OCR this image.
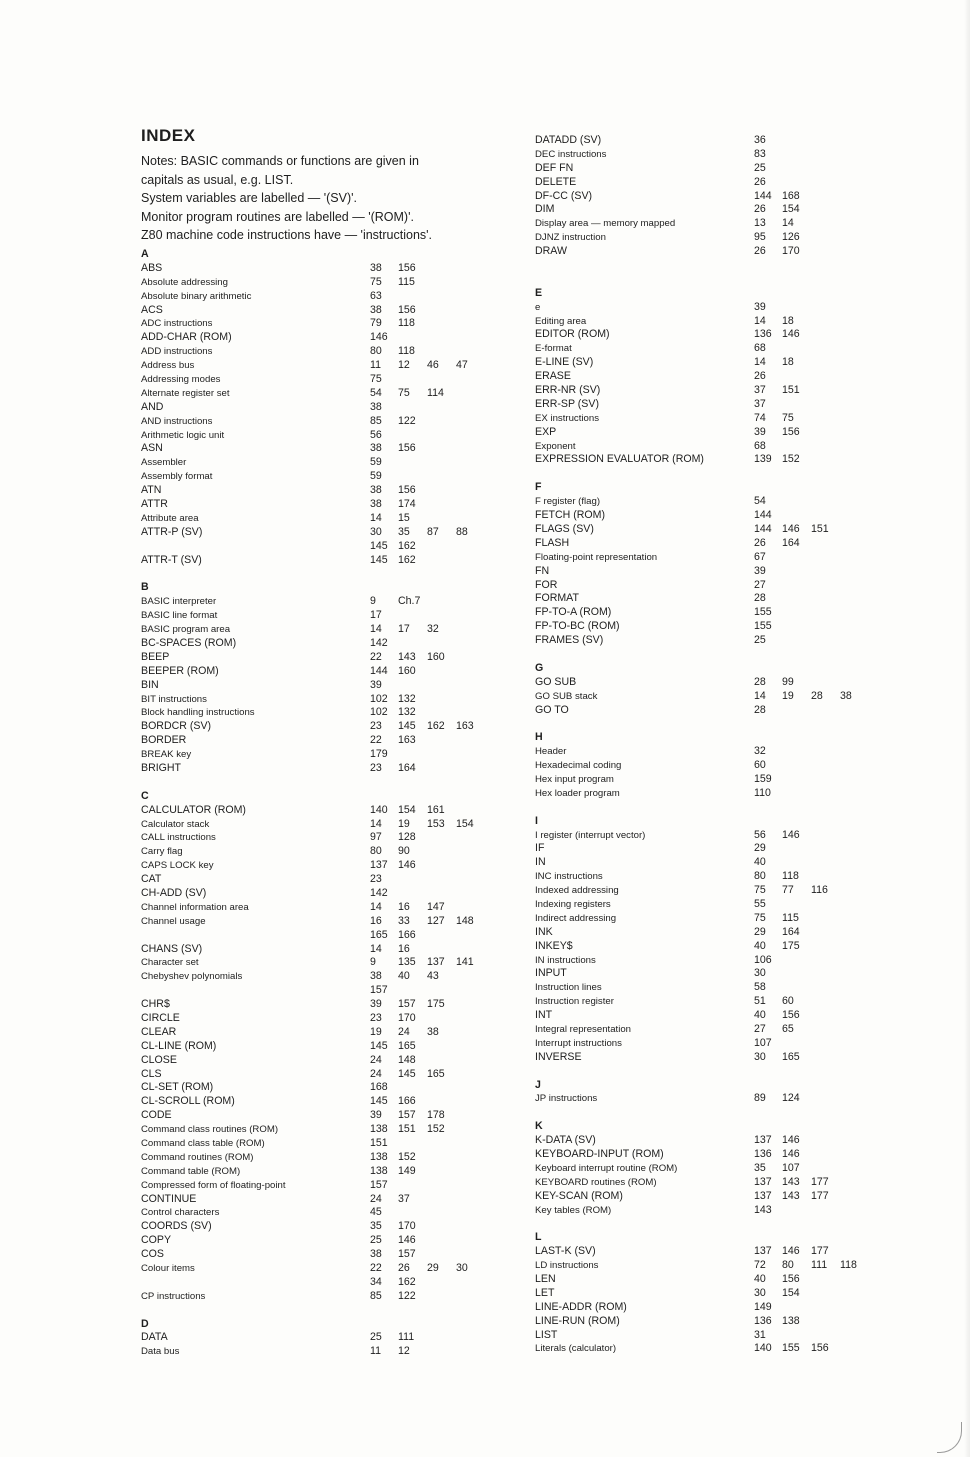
INDEX
Notes: BASIC commands or functions are given in
capitals as usual, e.g. LIST.
System variables are labelled — '(SV)'.
Monitor program routines are labelled — '(ROM)'.
Z80 machine code instructions have — 'instructions'.
A
ABS	38 156
Absolute addressing	75 115
Absolute binary arithmetic	63
ACS	38 156
ADC instructions	79 118
ADD-CHAR (ROM)	146
ADD instructions	80 118
Address bus	11 12 46 47
Addressing modes	75
Alternate register set	54 75 114
AND	38
AND instructions	85 122
Arithmetic logic unit	56
ASN	38 156
Assembler	59
Assembly format	59
ATN	38 156
ATTR	38 174
Attribute area	14 15
ATTR-P (SV)	30 35 87 88
145 162
ATTR-T (SV)	145 162
B
BASIC interpreter	9 Ch.7
BASIC line format	17
BASIC program area	14 17 32
BC-SPACES (ROM)	142
BEEP	22 143 160
BEEPER (ROM)	144 160
BIN	39
BIT instructions	102 132
Block handling instructions	102 132
BORDCR (SV)	23 145 162 163
BORDER	22 163
BREAK key	179
BRIGHT	23 164
C
CALCULATOR (ROM)	140 154 161
Calculator stack	14 19 153 154
CALL instructions	97 128
Carry flag	80 90
CAPS LOCK key	137 146
CAT	23
CH-ADD (SV)	142
Channel information area	14 16 147
Channel usage	16 33 127 148
165 166
CHANS (SV)	14 16
Character set	9 135 137 141
Chebyshev polynomials	38 40 43
157
CHR$	39 157 175
CIRCLE	23 170
CLEAR	19 24 38
CL-LINE (ROM)	145 165
CLOSE	24 148
CLS	24 145 165
CL-SET (ROM)	168
CL-SCROLL (ROM)	145 166
CODE	39 157 178
Command class routines (ROM)	138 151 152
Command class table (ROM)	151
Command routines (ROM)	138 152
Command table (ROM)	138 149
Compressed form of floating-point	157
CONTINUE	24 37
Control characters	45
COORDS (SV)	35 170
COPY	25 146
COS	38 157
Colour items	22 26 29 30
34 162
CP instructions	85 122
D
DATA	25 111
Data bus	11 12
DATADD (SV)	36
DEC instructions	83
DEF FN	25
DELETE	26
DF-CC (SV)	144 168
DIM	26 154
Display area — memory mapped	13 14
DJNZ instruction	95 126
DRAW	26 170
E
e	39
Editing area	14 18
EDITOR (ROM)	136 146
E-format	68
E-LINE (SV)	14 18
ERASE	26
ERR-NR (SV)	37 151
ERR-SP (SV)	37
EX instructions	74 75
EXP	39 156
Exponent	68
EXPRESSION EVALUATOR (ROM)	139 152
F
F register (flag)	54
FETCH (ROM)	144
FLAGS (SV)	144 146 151
FLASH	26 164
Floating-point representation	67
FN	39
FOR	27
FORMAT	28
FP-TO-A (ROM)	155
FP-TO-BC (ROM)	155
FRAMES (SV)	25
G
GO SUB	28 99
GO SUB stack	14 19 28 38
GO TO	28
H
Header	32
Hexadecimal coding	60
Hex input program	159
Hex loader program	110
I
I register (interrupt vector)	56 146
IF	29
IN	40
INC instructions	80 118
Indexed addressing	75 77 116
Indexing registers	55
Indirect addressing	75 115
INK	29 164
INKEY$	40 175
IN instructions	106
INPUT	30
Instruction lines	58
Instruction register	51 60
INT	40 156
Integral representation	27 65
Interrupt instructions	107
INVERSE	30 165
J
JP instructions	89 124
K
K-DATA (SV)	137 146
KEYBOARD-INPUT (ROM)	136 146
Keyboard interrupt routine (ROM)	35 107
KEYBOARD routines (ROM)	137 143 177
KEY-SCAN (ROM)	137 143 177
Key tables (ROM)	143
L
LAST-K (SV)	137 146 177
LD instructions	72 80 111 118
LEN	40 156
LET	30 154
LINE-ADDR (ROM)	149
LINE-RUN (ROM)	136 138
LIST	31
Literals (calculator)	140 155 156
